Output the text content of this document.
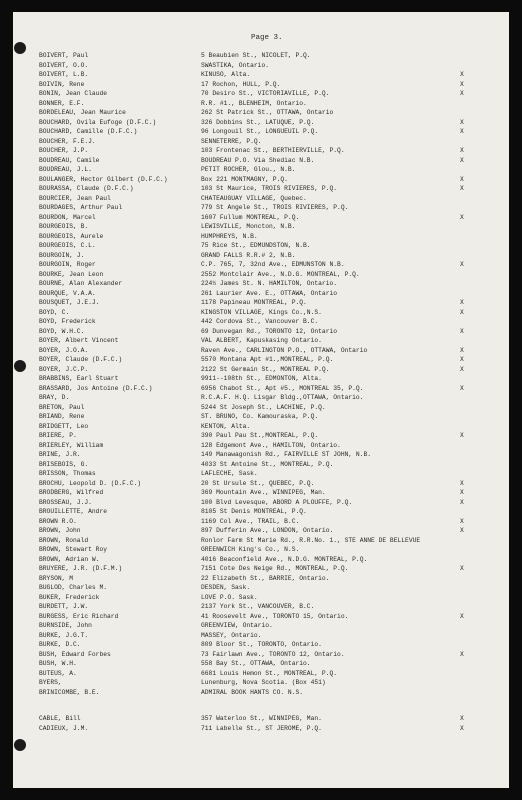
Page 3.
BOIVERT, Paul	5 Beaubien St., NICOLET, P.Q.
BOIVERT, O.O.	SWASTIKA, Ontario.
BOIVERT, L.B.	KINUSO, Alta.	X
BOIVIN, Rene	17 Rochon, HULL, P.Q.	X
BONIN, Jean Claude	70 Desiro St., VICTORIAVILLE, P.Q.	X
BONNER, E.F.	R.R. #1., BLENHEIM, Ontario.
BORDELEAU, Jean Maurice	262 St Patrick St., OTTAWA, Ontario
BOUCHARD, Ovila Eufoge (D.F.C.)	326 Dobbins St., LATUQUE, P.Q.	X
BOUCHARD, Camille (D.F.C.)	96 Longouil St., LONGUEUIL P.Q.	X
BOUCHER, F.E.J.	SENNETERRE, P.Q.
BOUCHER, J.P.	103 Frontenac St., BERTHIERVILLE, P.Q.	X
BOUDREAU, Camile	BOUDREAU P.O. Via Shediac N.B.	X
BOUDREAU, J.L.	PETIT ROCHER, Glou., N.B.
BOULANGER, Hector Gilbert (D.F.C.)	Box 221 MONTMAGNY, P.Q.	X
BOURASSA, Claude (D.F.C.)	103 St Maurice, TROIS RIVIERES, P.Q.	X
BOURCIER, Jean Paul	CHATEAUGUAY VILLAGE, Quebec.
BOURDAGES, Arthur Paul	779 St Angele St., TROIS RIVIERES, P.Q.
BOURDON, Marcel	1607 Fullum MONTREAL, P.Q.	X
BOURGEOIS, B.	LEWISVILLE, Moncton, N.B.
BOURGEOIS, Aurele	HUMPHREYS, N.B.
BOURGEOIS, C.L.	75 Rice St., EDMUNDSTON, N.B.
BOURGOIN, J.	GRAND FALLS R.R.# 2, N.B.
BOURGOIN, Roger	C.P. 765, 7, 32nd Ave., EDMUNSTON N.B.	X
BOURKE, Jean Leon	2552 Montclair Ave., N.D.G. MONTREAL, P.Q.
BOURNE, Alan Alexander	224½ James St. N. HAMILTON, Ontario.
BOURQUE, V.A.A.	261 Laurier Ave. E., OTTAWA, Ontario
BOUSQUET, J.E.J.	1178 Papineau MONTREAL, P.Q.	X
BOYD, C.	KINGSTON VILLAGE, Kings Co.,N.S.	X
BOYD, Frederick	442 Cordova St., Vancouver B.C.
BOYD, W.H.C.	69 Dunvegan Rd., TORONTO 12, Ontario	X
BOYER, Albert Vincent	VAL ALBERT, Kapuskasing Ontario.
BOYER, J.O.A.	Raven Ave., CARLINGTON P.O., OTTAWA, Ontario	X
BOYER, Claude (D.F.C.)	5570 Montana Apt #1.,MONTREAL, P.Q.	X
BOYER, J.C.P.	2122 St Germain St., MONTREAL P.Q.	X
BRABBINS, Earl Stuart	9911--108th St., EDMONTON, Alta.
BRASSARD, Jos Antoine (D.F.C.)	6956 Chabot St., Apt #5., MONTREAL 35, P.Q.	X
BRAY, D.	R.C.A.F. H.Q. Lisgar Bldg.,OTTAWA, Ontario.
BRETON, Paul	5244 St Joseph St., LACHINE, P.Q.
BRIAND, Rene	ST. BRUNO, Co. Kamouraska, P.Q.
BRIDGETT, Leo	KENTON, Alta.
BRIERE, P.	390 Paul Pau St.,MONTREAL, P.Q.	X
BRIERLEY, William	128 Edgemont Ave., HAMILTON, Ontario.
BRINE, J.R.	149 Manawagonish Rd., FAIRVILLE ST JOHN, N.B.
BRISEBOIS, G.	4033 St Antoine St., MONTREAL, P.Q.
BRISSON, Thomas	LAFLECHE, Sask.
BROCHU, Leopold D. (D.F.C.)	20 St Ursule St., QUEBEC, P.Q.	X
BRODBERG, Wilfred	369 Mountain Ave., WINNIPEG, Man.	X
BROSSEAU, J.J.	100 Blvd Levesque, ABORD A PLOUFFE, P.Q.	X
BROUILLETTE, Andre	8105 St Denis MONTREAL, P.Q.
BROWN R.O.	1169 Col Ave., TRAIL, B.C.	X
BROWN, John	897 Dufferin Ave., LONDON, Ontario.	X
BROWN, Ronald	Ronlor Farm St Marie Rd., R.R.No. 1., STE ANNE DE BELLEVUE
BROWN, Stewart Roy	GREENWICH King's Co., N.S.
BROWN, Adrian W.	4016 Beaconfield Ave., N.D.G. MONTREAL, P.Q.
BRUYERE, J.R. (D.F.M.)	7151 Cote Des Neige Rd., MONTREAL, P.Q.	X
BRYSON, M	22 Elizabeth St., BARRIE, Ontario.
BUGLOD, Charles M.	DESDEN, Sask.
BUKER, Frederick	LOVE P.O. Sask.
BURDETT, J.W.	2137 York St., VANCOUVER, B.C.
BURGESS, Eric Richard	41 Roosevelt Ave., TORONTO 15, Ontario.	X
BURNSIDE, John	GREENVIEW, Ontario.
BURKE, J.G.T.	MASSEY, Ontario.
BURKE, D.C.	809 Bloor St., TORONTO, Ontario.
BUSH, Edward Forbes	73 Fairlawn Ave., TORONTO 12, Ontario.	X
BUSH, W.H.	558 Bay St., OTTAWA, Ontario.
BUTEUS, A.	6681 Louis Hemon St., MONTREAL, P.Q.
BYERS,	Lunenburg, Nova Scotia. (Box 451)
BRINICOMBE, B.E.	ADMIRAL BOOK HANTS CO. N.S.
CABLE, Bill	357 Waterloo St., WINNIPEG, Man.	X
CADIEUX, J.M.	711 Labelle St., ST JEROME, P.Q.	X
